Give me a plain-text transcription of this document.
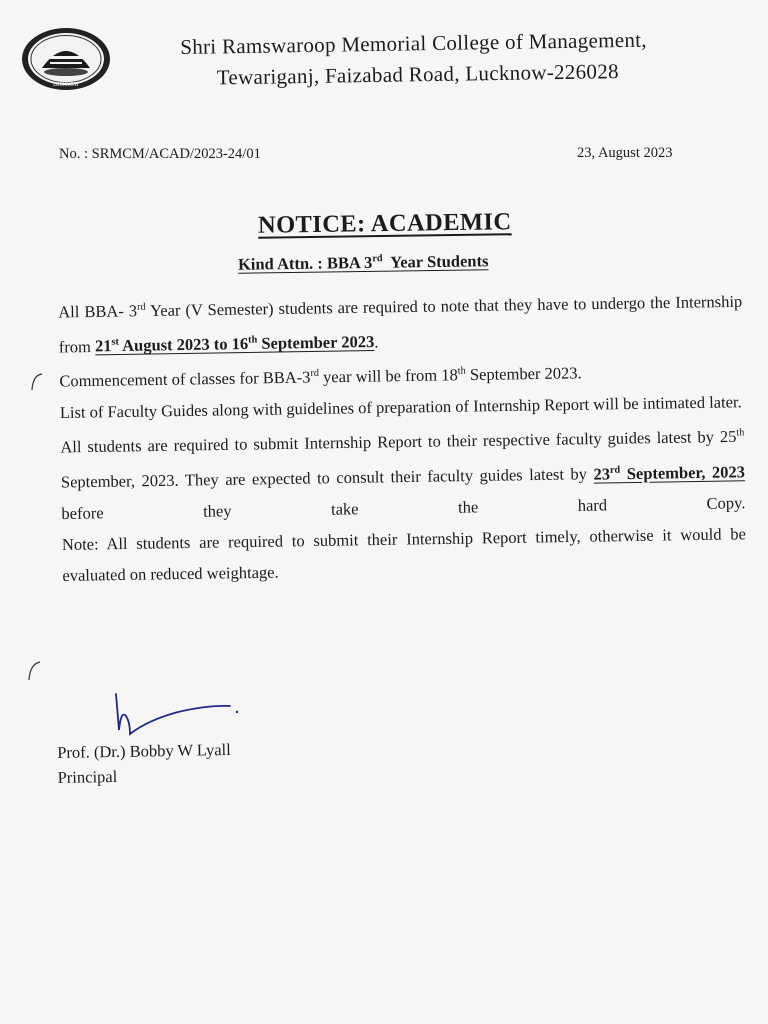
LUCKNOW
Shri Ramswaroop Memorial College of Management,
Tewariganj, Faizabad Road, Lucknow-226028
No. : SRMCM/ACAD/2023-24/01	23, August 2023
NOTICE: ACADEMIC
Kind Attn. : BBA 3rd Year Students

All BBA- 3rd Year (V Semester) students are required to note that they have to undergo the Internship from 21st August 2023 to 16th September 2023.

Commencement of classes for BBA-3rd year will be from 18th September 2023.

List of Faculty Guides along with guidelines of preparation of Internship Report will be intimated later.

All students are required to submit Internship Report to their respective faculty guides latest by 25th September, 2023. They are expected to consult their faculty guides latest by 23rd September, 2023 before they take the hard Copy.

Note: All students are required to submit their Internship Report timely, otherwise it would be evaluated on reduced weightage.

Prof. (Dr.) Bobby W Lyall
Principal
